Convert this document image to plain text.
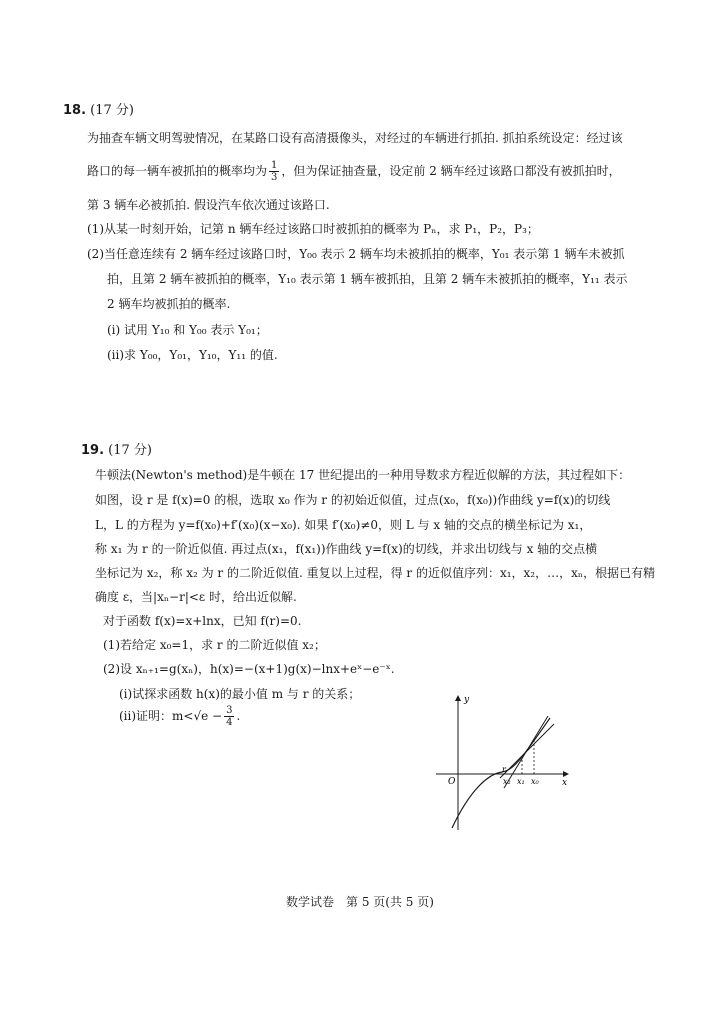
18. (17 分)
为抽查车辆文明驾驶情况，在某路口设有高清摄像头，对经过的车辆进行抓拍. 抓拍系统设定：经过该
路口的每一辆车被抓拍的概率均为 $\frac{1}{3}$ ，但为保证抽查量，设定前 2 辆车经过该路口都没有被抓拍时，
第 3 辆车必被抓拍. 假设汽车依次通过该路口.
(1)从某一时刻开始，记第 n 辆车经过该路口时被抓拍的概率为 Pₙ，求 P₁，P₂，P₃；
(2)当任意连续有 2 辆车经过该路口时，Y₀₀ 表示 2 辆车均未被抓拍的概率，Y₀₁ 表示第 1 辆车未被抓
拍，且第 2 辆车被抓拍的概率，Y₁₀ 表示第 1 辆车被抓拍，且第 2 辆车未被抓拍的概率，Y₁₁ 表示
2 辆车均被抓拍的概率.
(i) 试用 Y₁₀ 和 Y₀₀ 表示 Y₀₁；
(ii)求 Y₀₀，Y₀₁，Y₁₀，Y₁₁ 的值.
19. (17 分)
牛顿法(Newton's method)是牛顿在 17 世纪提出的一种用导数求方程近似解的方法，其过程如下：
如图，设 r 是 f(x)=0 的根，选取 x₀ 作为 r 的初始近似值，过点(x₀，f(x₀))作曲线 y=f(x)的切线
L，L 的方程为 y=f(x₀)+f′(x₀)(x−x₀). 如果 f′(x₀)≠0，则 L 与 x 轴的交点的横坐标记为 x₁，
称 x₁ 为 r 的一阶近似值. 再过点(x₁，f(x₁))作曲线 y=f(x)的切线，并求出切线与 x 轴的交点横
坐标记为 x₂，称 x₂ 为 r 的二阶近似值. 重复以上过程，得 r 的近似值序列：x₁，x₂，…，xₙ，根据已有精
确度 ε，当|xₙ−r|<ε 时，给出近似解.
对于函数 f(x)=x+lnx，已知 f(r)=0.
(1)若给定 x₀=1，求 r 的二阶近似值 x₂；
(2)设 xₙ₊₁=g(xₙ)，h(x)=−(x+1)g(x)−lnx+eˣ−e⁻ˣ.
(i)试探求函数 h(x)的最小值 m 与 r 的关系；
(ii)证明：$m<√e - \frac{3}{4}$ .
y
x
O
r
x₂ x₁ x₀
数学试卷　第 5 页(共 5 页)
